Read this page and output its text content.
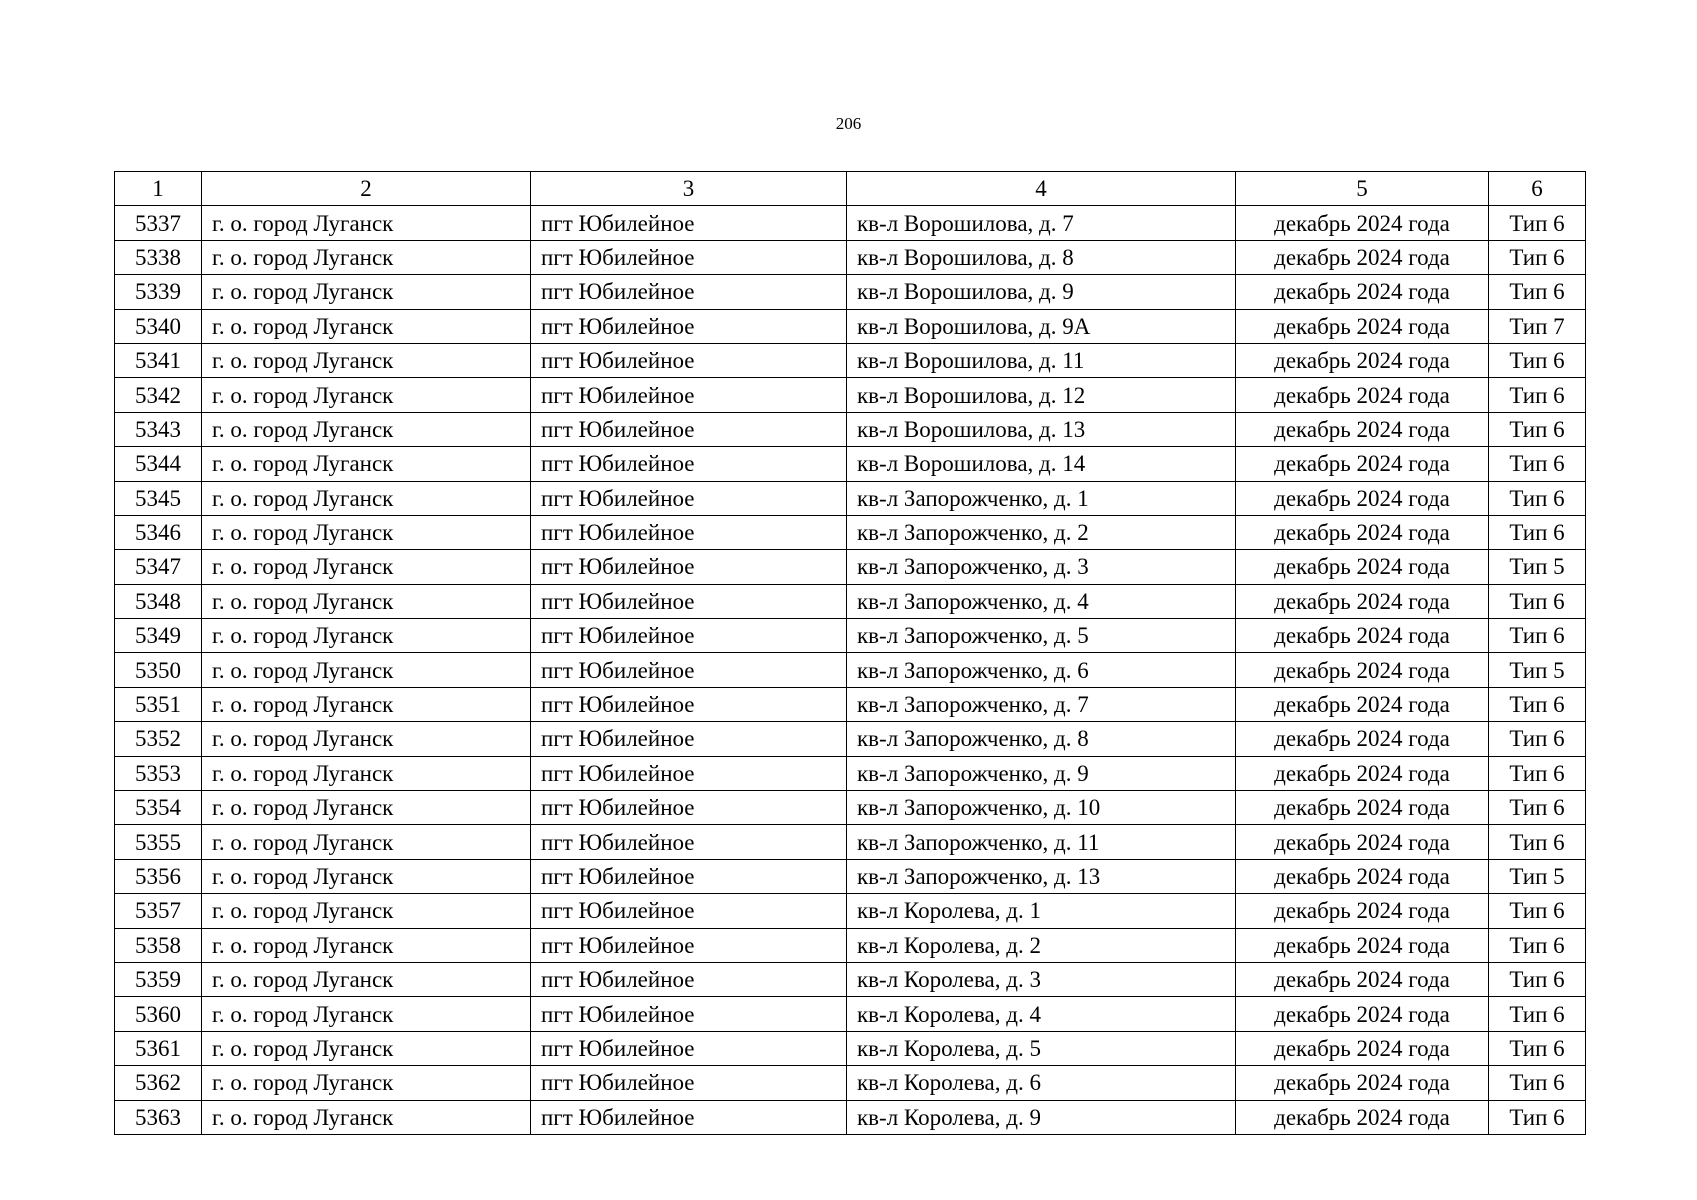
206
1	2	3	4	5	6
5337	г. о. город Луганск	пгт Юбилейное	кв-л Ворошилова, д. 7	декабрь 2024 года	Тип 6
5338	г. о. город Луганск	пгт Юбилейное	кв-л Ворошилова, д. 8	декабрь 2024 года	Тип 6
5339	г. о. город Луганск	пгт Юбилейное	кв-л Ворошилова, д. 9	декабрь 2024 года	Тип 6
5340	г. о. город Луганск	пгт Юбилейное	кв-л Ворошилова, д. 9А	декабрь 2024 года	Тип 7
5341	г. о. город Луганск	пгт Юбилейное	кв-л Ворошилова, д. 11	декабрь 2024 года	Тип 6
5342	г. о. город Луганск	пгт Юбилейное	кв-л Ворошилова, д. 12	декабрь 2024 года	Тип 6
5343	г. о. город Луганск	пгт Юбилейное	кв-л Ворошилова, д. 13	декабрь 2024 года	Тип 6
5344	г. о. город Луганск	пгт Юбилейное	кв-л Ворошилова, д. 14	декабрь 2024 года	Тип 6
5345	г. о. город Луганск	пгт Юбилейное	кв-л Запорожченко, д. 1	декабрь 2024 года	Тип 6
5346	г. о. город Луганск	пгт Юбилейное	кв-л Запорожченко, д. 2	декабрь 2024 года	Тип 6
5347	г. о. город Луганск	пгт Юбилейное	кв-л Запорожченко, д. 3	декабрь 2024 года	Тип 5
5348	г. о. город Луганск	пгт Юбилейное	кв-л Запорожченко, д. 4	декабрь 2024 года	Тип 6
5349	г. о. город Луганск	пгт Юбилейное	кв-л Запорожченко, д. 5	декабрь 2024 года	Тип 6
5350	г. о. город Луганск	пгт Юбилейное	кв-л Запорожченко, д. 6	декабрь 2024 года	Тип 5
5351	г. о. город Луганск	пгт Юбилейное	кв-л Запорожченко, д. 7	декабрь 2024 года	Тип 6
5352	г. о. город Луганск	пгт Юбилейное	кв-л Запорожченко, д. 8	декабрь 2024 года	Тип 6
5353	г. о. город Луганск	пгт Юбилейное	кв-л Запорожченко, д. 9	декабрь 2024 года	Тип 6
5354	г. о. город Луганск	пгт Юбилейное	кв-л Запорожченко, д. 10	декабрь 2024 года	Тип 6
5355	г. о. город Луганск	пгт Юбилейное	кв-л Запорожченко, д. 11	декабрь 2024 года	Тип 6
5356	г. о. город Луганск	пгт Юбилейное	кв-л Запорожченко, д. 13	декабрь 2024 года	Тип 5
5357	г. о. город Луганск	пгт Юбилейное	кв-л Королева, д. 1	декабрь 2024 года	Тип 6
5358	г. о. город Луганск	пгт Юбилейное	кв-л Королева, д. 2	декабрь 2024 года	Тип 6
5359	г. о. город Луганск	пгт Юбилейное	кв-л Королева, д. 3	декабрь 2024 года	Тип 6
5360	г. о. город Луганск	пгт Юбилейное	кв-л Королева, д. 4	декабрь 2024 года	Тип 6
5361	г. о. город Луганск	пгт Юбилейное	кв-л Королева, д. 5	декабрь 2024 года	Тип 6
5362	г. о. город Луганск	пгт Юбилейное	кв-л Королева, д. 6	декабрь 2024 года	Тип 6
5363	г. о. город Луганск	пгт Юбилейное	кв-л Королева, д. 9	декабрь 2024 года	Тип 6
